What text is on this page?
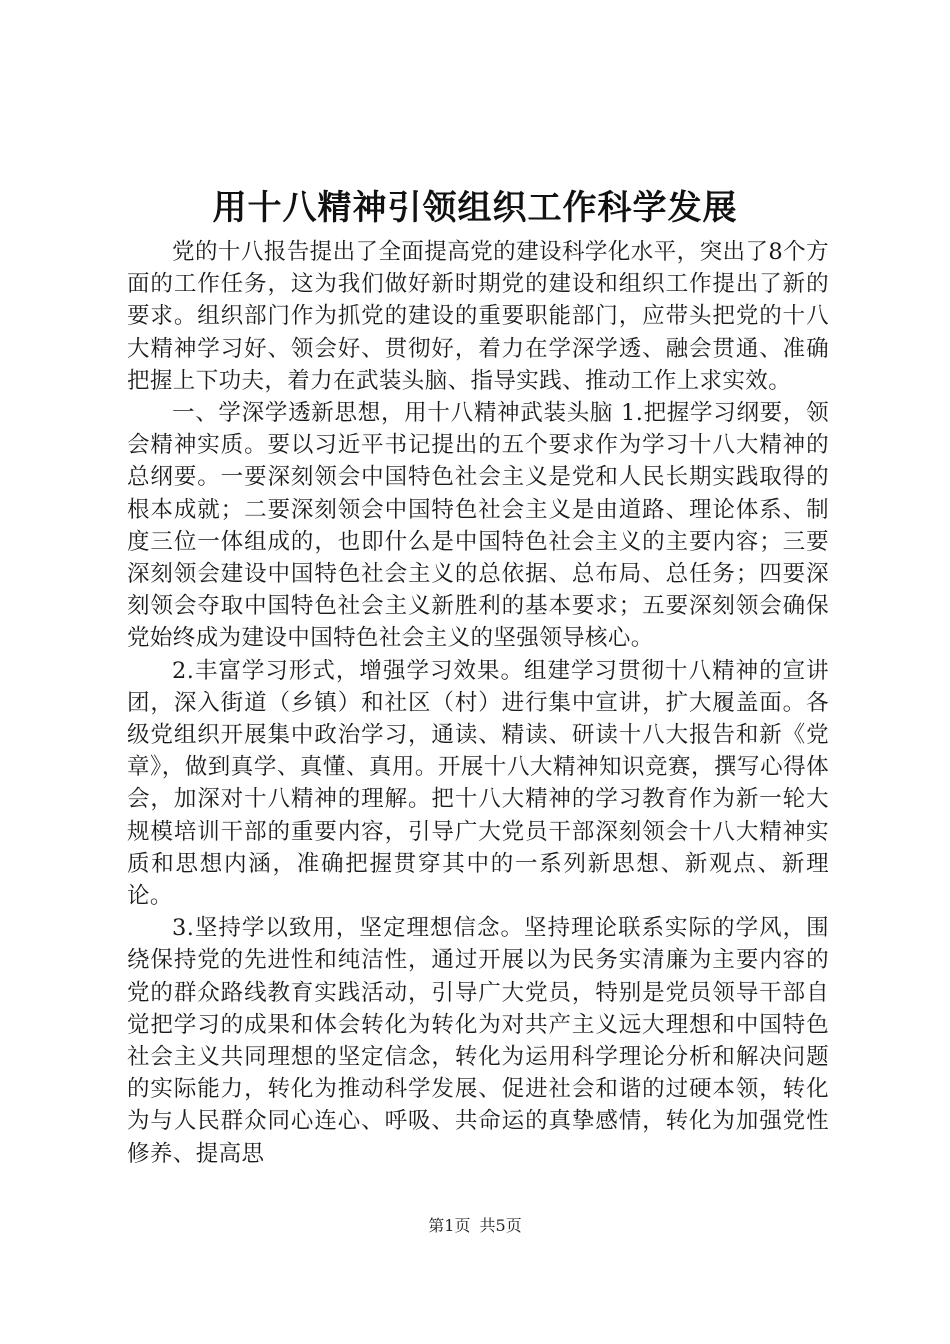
用十八精神引领组织工作科学发展

党的十八报告提出了全面提高党的建设科学化水平，突出了8个方面的工作任务，这为我们做好新时期党的建设和组织工作提出了新的要求。组织部门作为抓党的建设的重要职能部门，应带头把党的十八大精神学习好、领会好、贯彻好，着力在学深学透、融会贯通、准确把握上下功夫，着力在武装头脑、指导实践、推动工作上求实效。

一、学深学透新思想，用十八精神武装头脑 1.把握学习纲要，领会精神实质。要以习近平书记提出的五个要求作为学习十八大精神的总纲要。一要深刻领会中国特色社会主义是党和人民长期实践取得的根本成就；二要深刻领会中国特色社会主义是由道路、理论体系、制度三位一体组成的，也即什么是中国特色社会主义的主要内容；三要深刻领会建设中国特色社会主义的总依据、总布局、总任务；四要深刻领会夺取中国特色社会主义新胜利的基本要求；五要深刻领会确保党始终成为建设中国特色社会主义的坚强领导核心。

2.丰富学习形式，增强学习效果。组建学习贯彻十八精神的宣讲团，深入街道（乡镇）和社区（村）进行集中宣讲，扩大履盖面。各级党组织开展集中政治学习，通读、精读、研读十八大报告和新《党章》，做到真学、真懂、真用。开展十八大精神知识竞赛，撰写心得体会，加深对十八精神的理解。把十八大精神的学习教育作为新一轮大规模培训干部的重要内容，引导广大党员干部深刻领会十八大精神实质和思想内涵，准确把握贯穿其中的一系列新思想、新观点、新理论。

3.坚持学以致用，坚定理想信念。坚持理论联系实际的学风，围绕保持党的先进性和纯洁性，通过开展以为民务实清廉为主要内容的党的群众路线教育实践活动，引导广大党员，特别是党员领导干部自觉把学习的成果和体会转化为转化为对共产主义远大理想和中国特色社会主义共同理想的坚定信念，转化为运用科学理论分析和解决问题的实际能力，转化为推动科学发展、促进社会和谐的过硬本领，转化为与人民群众同心连心、呼吸、共命运的真挚感情，转化为加强党性修养、提高思

第1页 共5页
